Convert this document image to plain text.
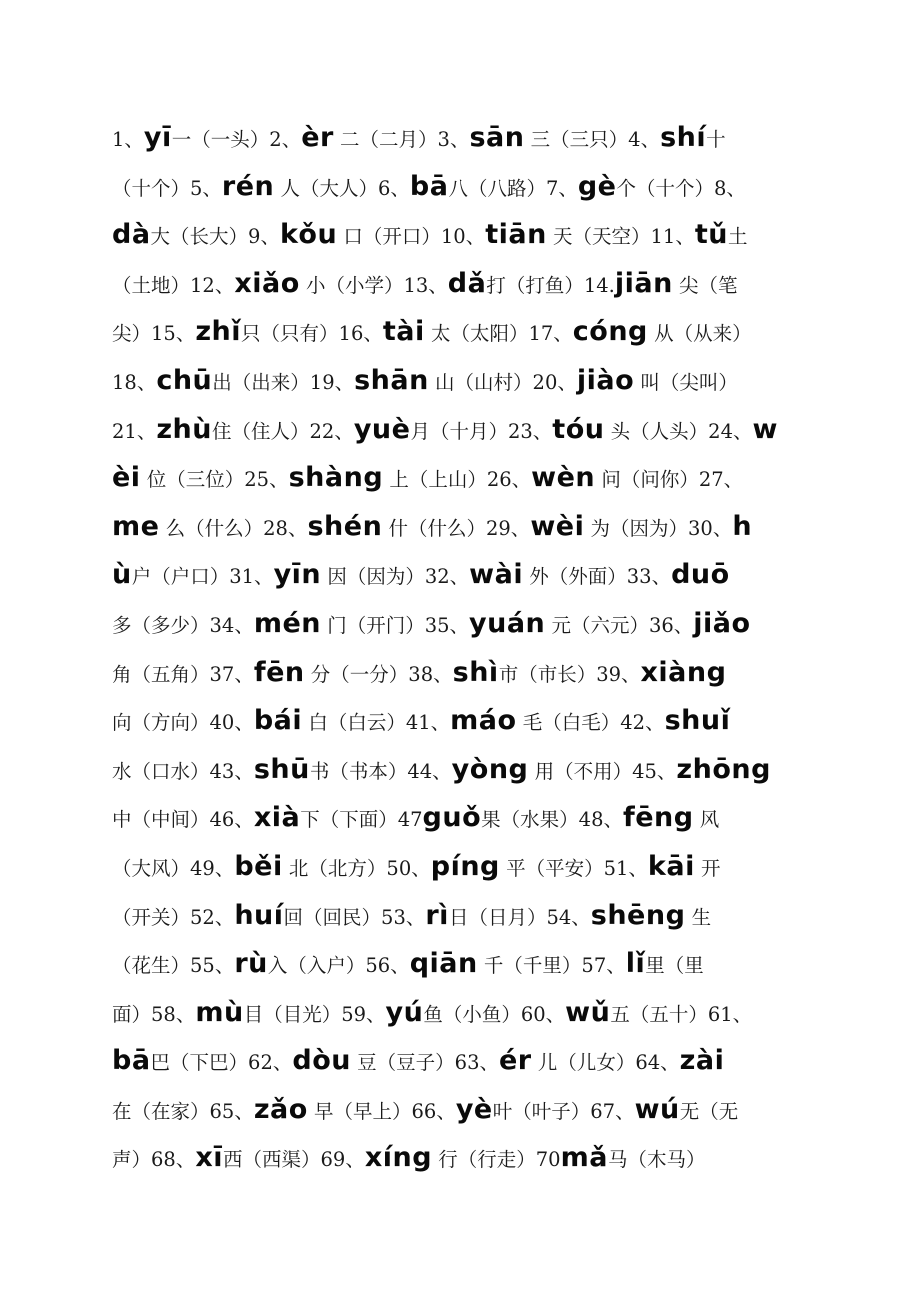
1、yī一（一头）2、èr 二（二月）3、sān 三（三只）4、shí十
（十个）5、rén 人（大人）6、bā八（八路）7、gè个（十个）8、
dà大（长大）9、kǒu 口（开口）10、tiān 天（天空）11、tǔ土
（土地）12、xiǎo 小（小学）13、dǎ打（打鱼）14.jiān 尖（笔
尖）15、zhǐ只（只有）16、tài 太（太阳）17、cóng 从（从来）
18、chū出（出来）19、shān 山（山村）20、jiào 叫（尖叫）
21、zhù住（住人）22、yuè月（十月）23、tóu 头（人头）24、w
èi 位（三位）25、shàng 上（上山）26、wèn 问（问你）27、
me 么（什么）28、shén 什（什么）29、wèi 为（因为）30、h
ù户（户口）31、yīn 因（因为）32、wài 外（外面）33、duō
多（多少）34、mén 门（开门）35、yuán 元（六元）36、jiǎo
角（五角）37、fēn 分（一分）38、shì市（市长）39、xiàng
向（方向）40、bái 白（白云）41、máo 毛（白毛）42、shuǐ
水（口水）43、shū书（书本）44、yòng 用（不用）45、zhōng
中（中间）46、xià下（下面）47guǒ果（水果）48、fēng 风
（大风）49、běi 北（北方）50、píng 平（平安）51、kāi 开
（开关）52、huí回（回民）53、rì日（日月）54、shēng 生
（花生）55、rù入（入户）56、qiān 千（千里）57、lǐ里（里
面）58、mù目（目光）59、yú鱼（小鱼）60、wǔ五（五十）61、
bā巴（下巴）62、dòu 豆（豆子）63、ér 儿（儿女）64、zài
在（在家）65、zǎo 早（早上）66、yè叶（叶子）67、wú无（无
声）68、xī西（西渠）69、xíng 行（行走）70mǎ马（木马）
